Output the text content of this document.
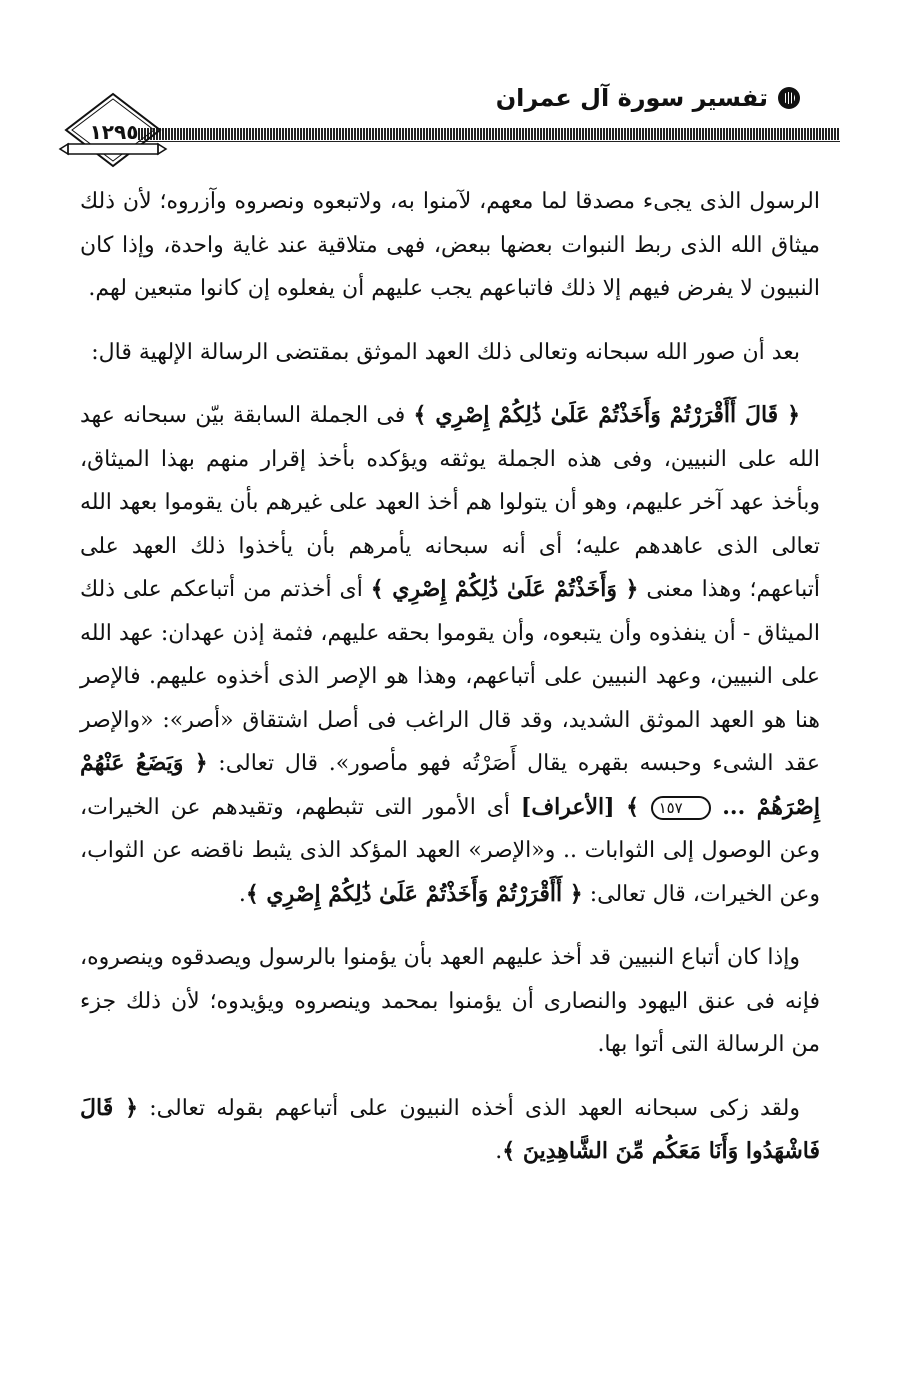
تفسير سورة آل عمران
١٢٩٥

الرسول الذى يجىء مصدقا لما معهم، لآمنوا به، ولاتبعوه ونصروه وآزروه؛ لأن ذلك ميثاق الله الذى ربط النبوات بعضها ببعض، فهى متلاقية عند غاية واحدة، وإذا كان النبيون لا يفرض فيهم إلا ذلك فاتباعهم يجب عليهم أن يفعلوه إن كانوا متبعين لهم.

بعد أن صور الله سبحانه وتعالى ذلك العهد الموثق بمقتضى الرسالة الإلهية قال:

﴿ قَالَ أَأَقْرَرْتُمْ وَأَخَذْتُمْ عَلَىٰ ذَٰلِكُمْ إِصْرِي ﴾ فى الجملة السابقة بيّن سبحانه عهد الله على النبيين، وفى هذه الجملة يوثقه ويؤكده بأخذ إقرار منهم بهذا الميثاق، وبأخذ عهد آخر عليهم، وهو أن يتولوا هم أخذ العهد على غيرهم بأن يقوموا بعهد الله تعالى الذى عاهدهم عليه؛ أى أنه سبحانه يأمرهم بأن يأخذوا ذلك العهد على أتباعهم؛ وهذا معنى ﴿ وَأَخَذْتُمْ عَلَىٰ ذَٰلِكُمْ إِصْرِي ﴾ أى أخذتم من أتباعكم على ذلك الميثاق - أن ينفذوه وأن يتبعوه، وأن يقوموا بحقه عليهم، فثمة إذن عهدان: عهد الله على النبيين، وعهد النبيين على أتباعهم، وهذا هو الإصر الذى أخذوه عليهم. فالإصر هنا هو العهد الموثق الشديد، وقد قال الراغب فى أصل اشتقاق «أصر»: «والإصر عقد الشىء وحبسه بقهره يقال أَصَرْتُه فهو مأصور». قال تعالى: ﴿ وَيَضَعُ عَنْهُمْ إِصْرَهُمْ ... ١٥٧ ﴾ [الأعراف] أى الأمور التى تثبطهم، وتقيدهم عن الخيرات، وعن الوصول إلى الثوابات .. و«الإصر» العهد المؤكد الذى يثبط ناقضه عن الثواب، وعن الخيرات، قال تعالى: ﴿ أَأَقْرَرْتُمْ وَأَخَذْتُمْ عَلَىٰ ذَٰلِكُمْ إِصْرِي ﴾.

وإذا كان أتباع النبيين قد أخذ عليهم العهد بأن يؤمنوا بالرسول ويصدقوه وينصروه، فإنه فى عنق اليهود والنصارى أن يؤمنوا بمحمد وينصروه ويؤيدوه؛ لأن ذلك جزء من الرسالة التى أتوا بها.

ولقد زكى سبحانه العهد الذى أخذه النبيون على أتباعهم بقوله تعالى: ﴿ قَالَ فَاشْهَدُوا وَأَنَا مَعَكُم مِّنَ الشَّاهِدِينَ ﴾.
